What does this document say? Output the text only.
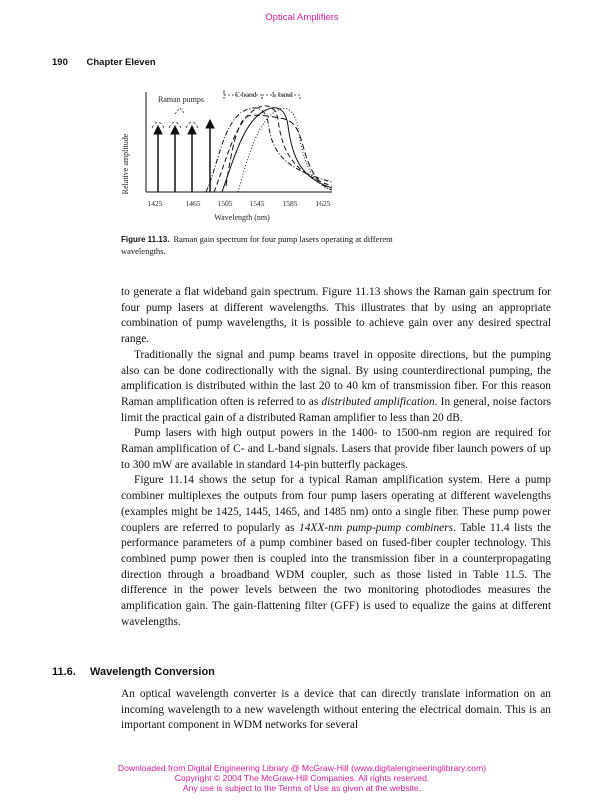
Optical Amplifiers
190 Chapter Eleven
Relative amplitude
Raman pumps
C band L band
1425	1465 1505 1545 1585 1625
Wavelength (nm)
Figure 11.13. Raman gain spectrum for four pump lasers operating at different wavelengths.

to generate a flat wideband gain spectrum. Figure 11.13 shows the Raman gain spectrum for four pump lasers at different wavelengths. This illustrates that by using an appropriate combination of pump wavelengths, it is possible to achieve gain over any desired spectral range.

Traditionally the signal and pump beams travel in opposite directions, but the pumping also can be done codirectionally with the signal. By using counterdirectional pumping, the amplification is distributed within the last 20 to 40 km of transmission fiber. For this reason Raman amplification often is referred to as distributed amplification. In general, noise factors limit the practical gain of a distributed Raman amplifier to less than 20 dB.

Pump lasers with high output powers in the 1400- to 1500-nm region are required for Raman amplification of C- and L-band signals. Lasers that provide fiber launch powers of up to 300 mW are available in standard 14-pin butterfly packages.

Figure 11.14 shows the setup for a typical Raman amplification system. Here a pump combiner multiplexes the outputs from four pump lasers operating at different wavelengths (examples might be 1425, 1445, 1465, and 1485 nm) onto a single fiber. These pump power couplers are referred to popularly as 14XX-nm pump-pump combiners. Table 11.4 lists the performance parameters of a pump combiner based on fused-fiber coupler technology. This combined pump power then is coupled into the transmission fiber in a counterpropagating direction through a broadband WDM coupler, such as those listed in Table 11.5. The difference in the power levels between the two monitoring photodiodes measures the amplification gain. The gain-flattening filter (GFF) is used to equalize the gains at different wavelengths.

11.6. Wavelength Conversion

An optical wavelength converter is a device that can directly translate information on an incoming wavelength to a new wavelength without entering the electrical domain. This is an important component in WDM networks for several

Downloaded from Digital Engineering Library @ McGraw-Hill (www.digitalengineeringlibrary.com)
Copyright © 2004 The McGraw-Hill Companies. All rights reserved.
Any use is subject to the Terms of Use as given at the website.
